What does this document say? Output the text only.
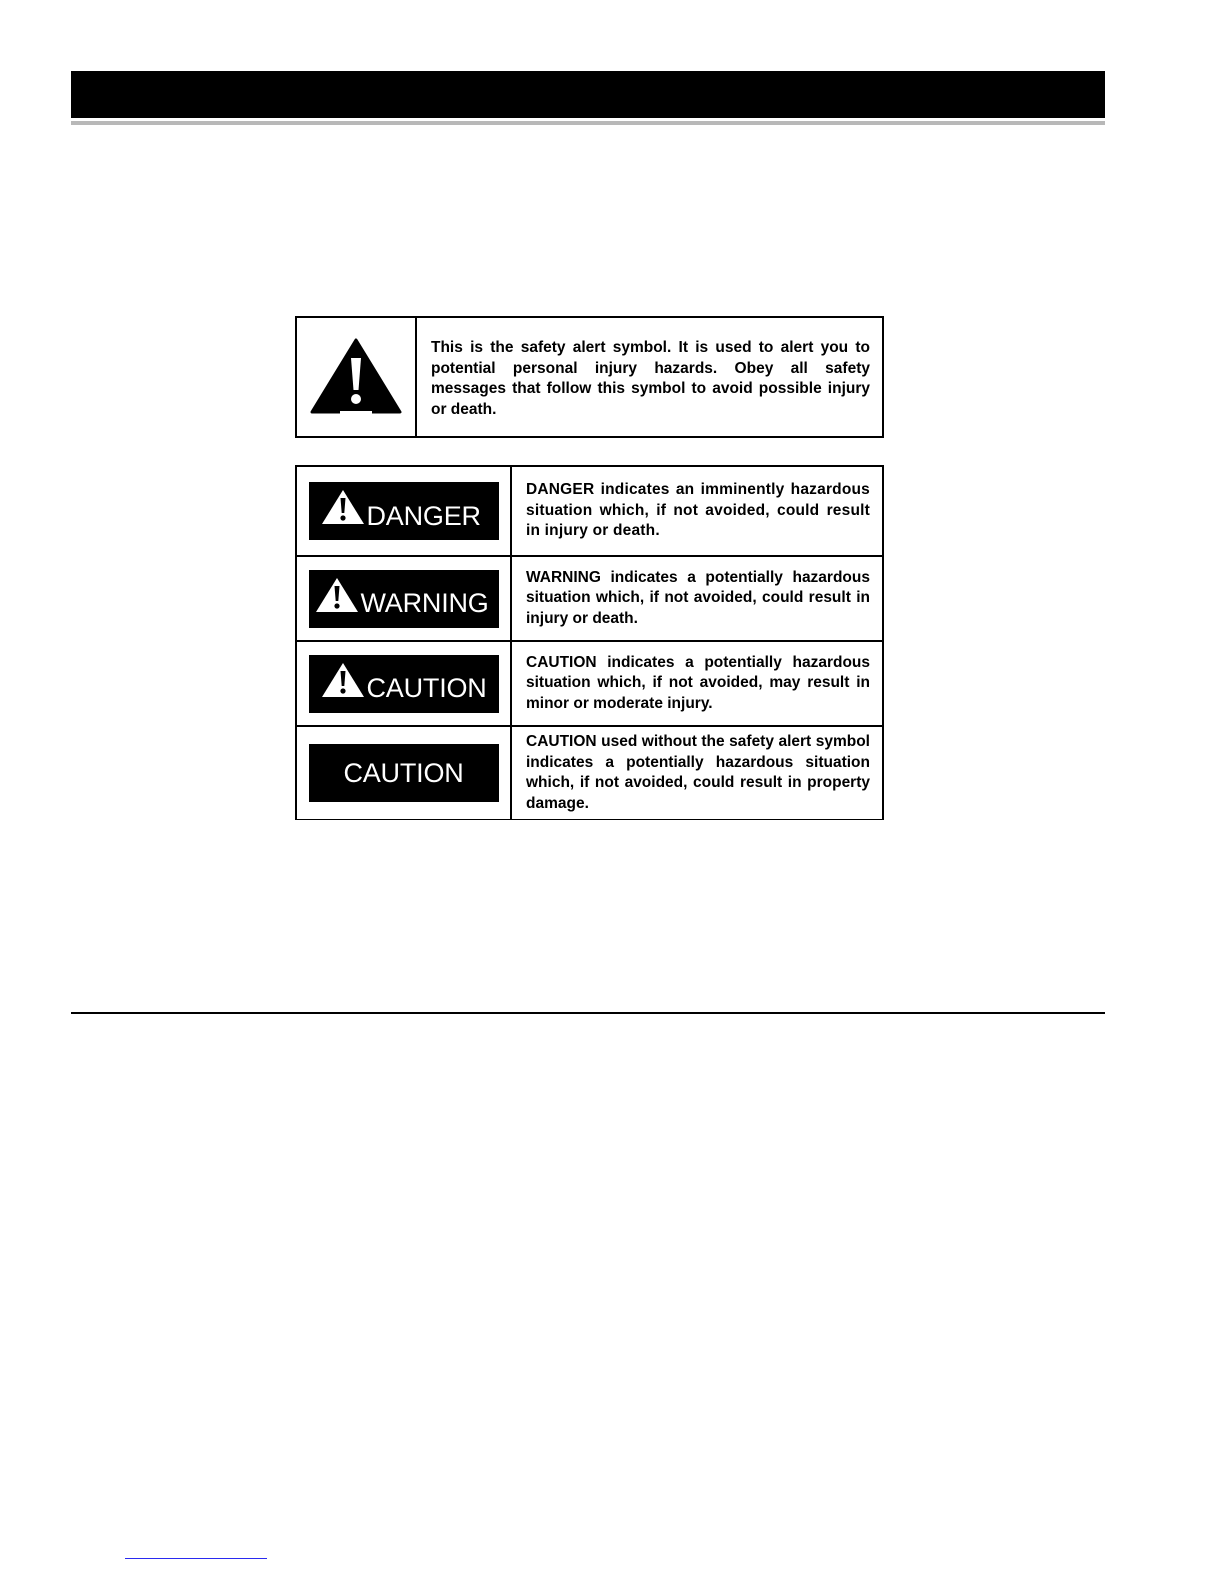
This is the safety alert symbol. It is used to alert you to potential personal injury hazards. Obey all safety messages that follow this symbol to avoid possible injury or death.
DANGER
DANGER indicates an imminently hazardous situation which, if not avoided, could result in injury or death.
WARNING
WARNING indicates a potentially hazardous situation which, if not avoided, could result in injury or death.
CAUTION
CAUTION indicates a potentially hazardous situation which, if not avoided, may result in minor or moderate injury.
CAUTION
CAUTION used without the safety alert symbol indicates a potentially hazardous situation which, if not avoided, could result in property damage.
